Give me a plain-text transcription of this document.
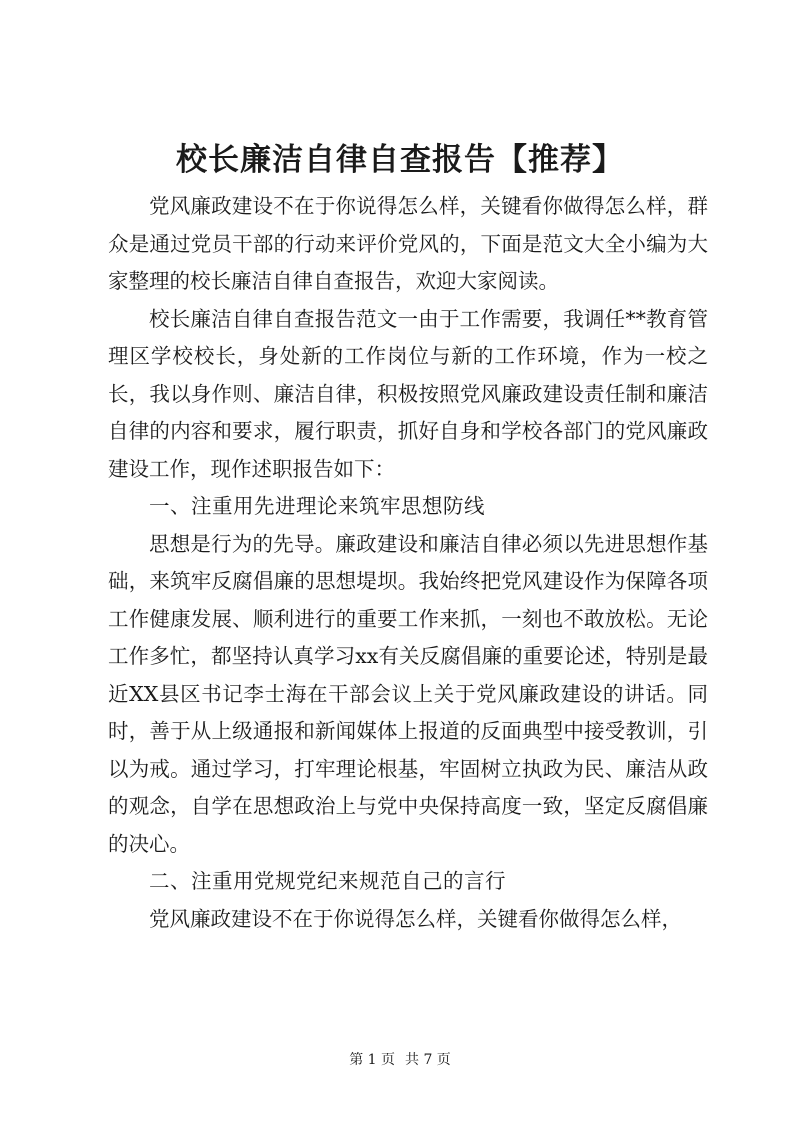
校长廉洁自律自查报告【推荐】

党风廉政建设不在于你说得怎么样，关键看你做得怎么样，群众是通过党员干部的行动来评价党风的，下面是范文大全小编为大家整理的校长廉洁自律自查报告，欢迎大家阅读。

校长廉洁自律自查报告范文一由于工作需要，我调任**教育管理区学校校长，身处新的工作岗位与新的工作环境，作为一校之长，我以身作则、廉洁自律，积极按照党风廉政建设责任制和廉洁自律的内容和要求，履行职责，抓好自身和学校各部门的党风廉政建设工作，现作述职报告如下：

一、注重用先进理论来筑牢思想防线

思想是行为的先导。廉政建设和廉洁自律必须以先进思想作基础，来筑牢反腐倡廉的思想堤坝。我始终把党风建设作为保障各项工作健康发展、顺利进行的重要工作来抓，一刻也不敢放松。无论工作多忙，都坚持认真学习xx有关反腐倡廉的重要论述，特别是最近XX县区书记李士海在干部会议上关于党风廉政建设的讲话。同时，善于从上级通报和新闻媒体上报道的反面典型中接受教训，引以为戒。通过学习，打牢理论根基，牢固树立执政为民、廉洁从政的观念，自学在思想政治上与党中央保持高度一致，坚定反腐倡廉的决心。

二、注重用党规党纪来规范自己的言行

党风廉政建设不在于你说得怎么样，关键看你做得怎么样，

第 1 页 共 7 页
